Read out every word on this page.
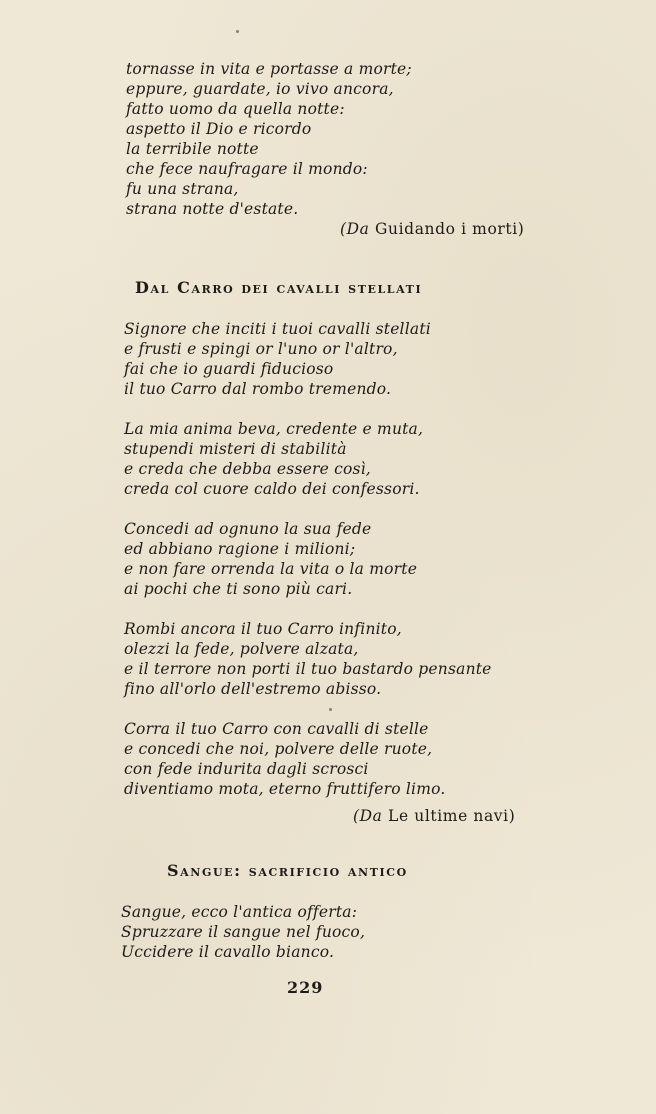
tornasse in vita e portasse a morte;
eppure, guardate, io vivo ancora,
fatto uomo da quella notte:
aspetto il Dio e ricordo
la terribile notte
che fece naufragare il mondo:
fu una strana,
strana notte d'estate.
(Da Guidando i morti)
Dal Carro dei cavalli stellati
Signore che inciti i tuoi cavalli stellati
e frusti e spingi or l'uno or l'altro,
fai che io guardi fiducioso
il tuo Carro dal rombo tremendo.
La mia anima beva, credente e muta,
stupendi misteri di stabilità
e creda che debba essere così,
creda col cuore caldo dei confessori.
Concedi ad ognuno la sua fede
ed abbiano ragione i milioni;
e non fare orrenda la vita o la morte
ai pochi che ti sono più cari.
Rombi ancora il tuo Carro infinito,
olezzi la fede, polvere alzata,
e il terrore non porti il tuo bastardo pensante
fino all'orlo dell'estremo abisso.
Corra il tuo Carro con cavalli di stelle
e concedi che noi, polvere delle ruote,
con fede indurita dagli scrosci
diventiamo mota, eterno fruttifero limo.
(Da Le ultime navi)
Sangue: sacrificio antico
Sangue, ecco l'antica offerta:
Spruzzare il sangue nel fuoco,
Uccidere il cavallo bianco.
229
